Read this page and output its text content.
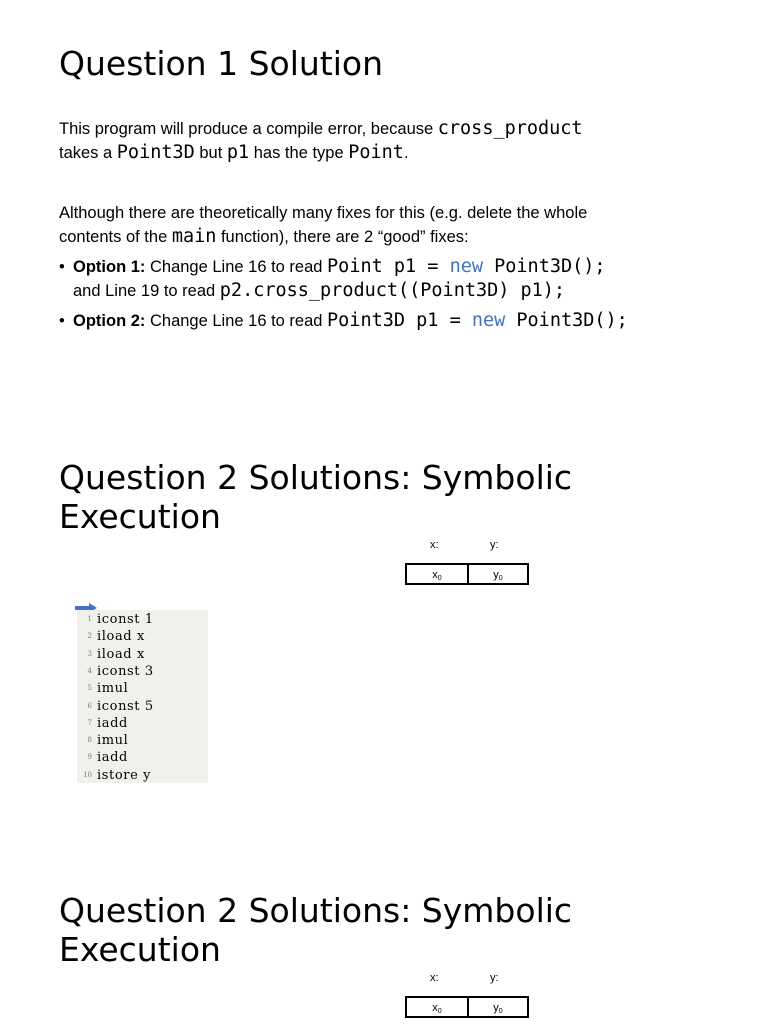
Question 1 Solution
This program will produce a compile error, because cross_product
takes a Point3D but p1 has the type Point.
Although there are theoretically many fixes for this (e.g. delete the whole
contents of the main function), there are 2 “good” fixes:
• Option 1: Change Line 16 to read Point p1 = new Point3D();
and Line 19 to read p2.cross_product((Point3D) p1);
• Option 2: Change Line 16 to read Point3D p1 = new Point3D();
Question 2 Solutions: Symbolic
Execution
x:	y:
$x_0$	$y_0$
1 iconst 1
2 iload x
3 iload x
4 iconst 3
5 imul
6 iconst 5
7 iadd
8 imul
9 iadd
10 istore y
Question 2 Solutions: Symbolic
Execution
x:	y:
$x_0$	$y_0$
